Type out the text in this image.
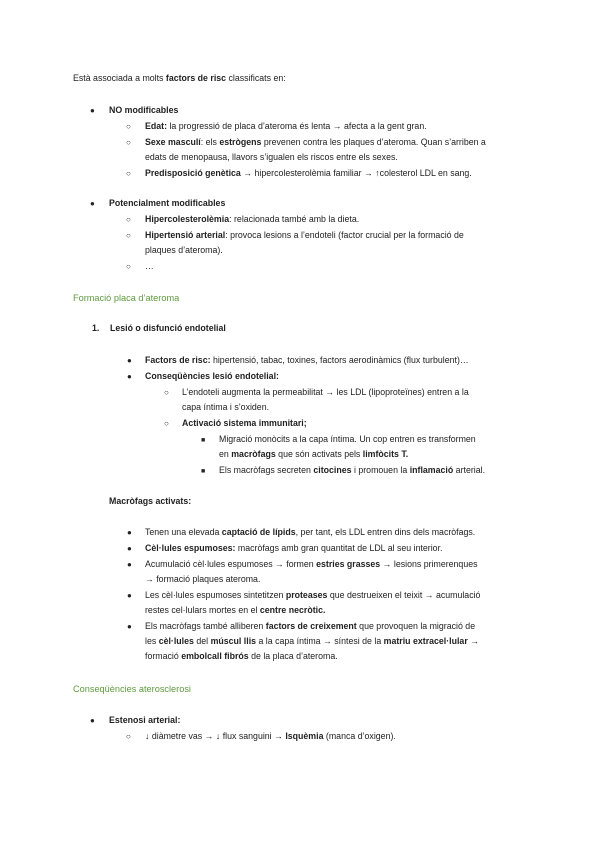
Està associada a molts factors de risc classificats en:
● NO modificables
○ Edat: la progressió de placa d’ateroma és lenta → afecta a la gent gran.
○ Sexe masculí: els estrògens prevenen contra les plaques d’ateroma. Quan s’arriben a
edats de menopausa, llavors s’igualen els riscos entre els sexes.
○ Predisposició genètica → hipercolesterolèmia familiar → ↑colesterol LDL en sang.
● Potencialment modificables
○ Hipercolesterolèmia: relacionada també amb la dieta.
○ Hipertensió arterial: provoca lesions a l’endoteli (factor crucial per la formació de
plaques d’ateroma).
○ …
Formació placa d’ateroma
1. Lesió o disfunció endotelial
● Factors de risc: hipertensió, tabac, toxines, factors aerodinàmics (flux turbulent)…
● Conseqüències lesió endotelial:
○ L’endoteli augmenta la permeabilitat → les LDL (lipoproteïnes) entren a la
capa íntima i s’oxiden.
○ Activació sistema immunitari;
■ Migració monòcits a la capa íntima. Un cop entren es transformen
en macròfags que són activats pels limfòcits T.
■ Els macròfags secreten citocines i promouen la inflamació arterial.
Macròfags activats:
● Tenen una elevada captació de lípids, per tant, els LDL entren dins dels macròfags.
● Cèl·lules espumoses: macròfags amb gran quantitat de LDL al seu interior.
● Acumulació cèl·lules espumoses → formen estries grasses → lesions primerenques
→ formació plaques ateroma.
● Les cèl·lules espumoses sintetitzen proteases que destrueixen el teixit → acumulació
restes cel·lulars mortes en el centre necròtic.
● Els macròfags també alliberen factors de creixement que provoquen la migració de
les cèl·lules del múscul llis a la capa íntima → síntesi de la matriu extracel·lular →
formació embolcall fibrós de la placa d’ateroma.
Conseqüències aterosclerosi
● Estenosi arterial:
○ ↓ diàmetre vas → ↓ flux sanguini → Isquèmia (manca d’oxigen).
